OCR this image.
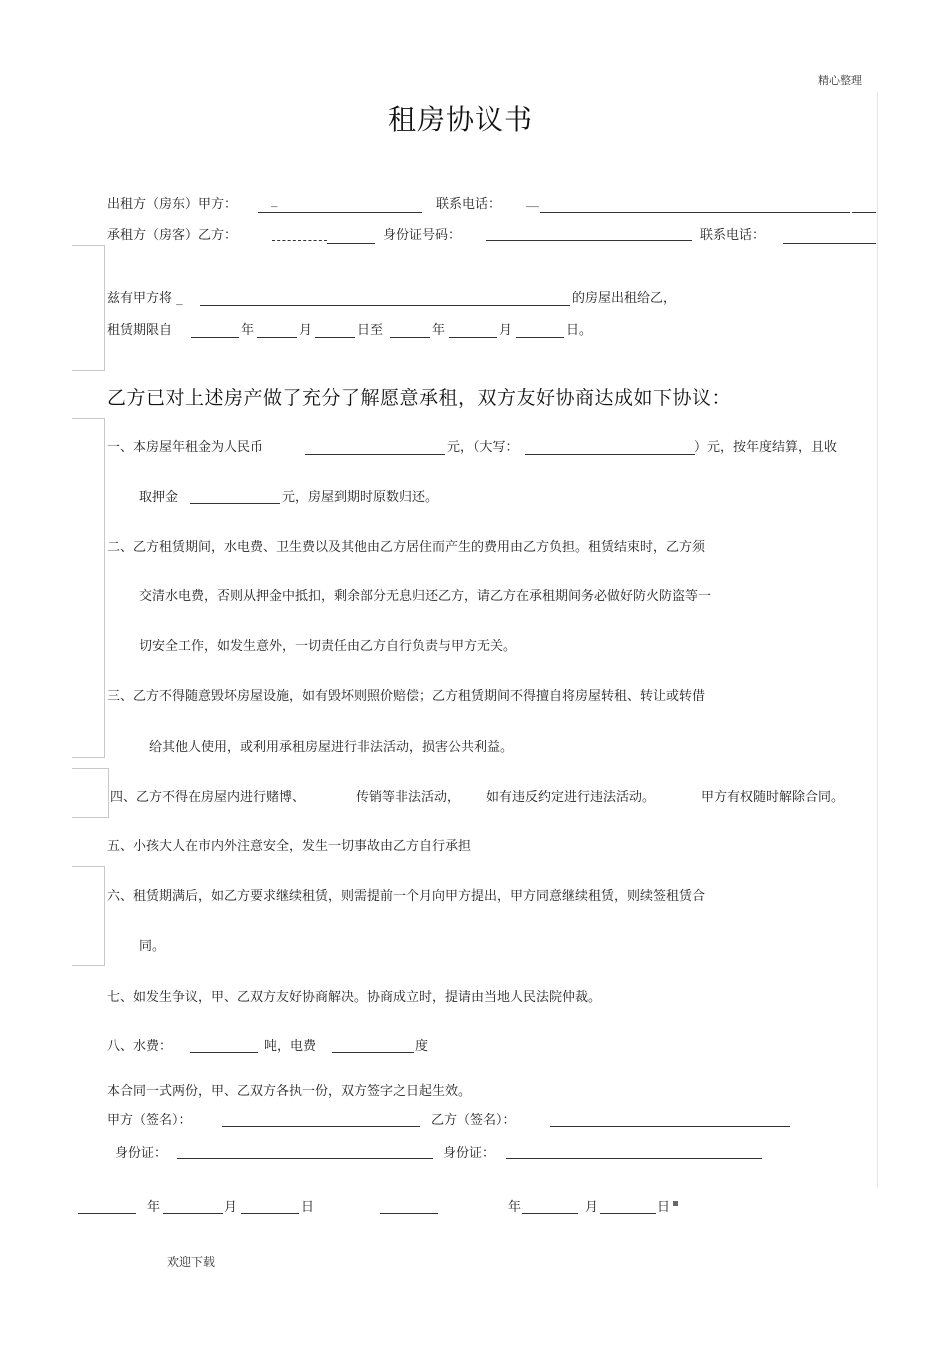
精心整理
租房协议书
出租方（房东）甲方：	_	联系电话： __
承租方（房客）乙方：	身份证号码：	联系电话：
兹有甲方将 _	的房屋出租给乙，
租赁期限自	年	月	日至	年	月	日。
乙方已对上述房产做了充分了解愿意承租，双方友好协商达成如下协议：
一、本房屋年租金为人民币	元，（大写：	）元，按年度结算，且收
取押金	元，房屋到期时原数归还。
二、乙方租赁期间，水电费、卫生费以及其他由乙方居住而产生的费用由乙方负担。租赁结束时，乙方须
交清水电费，否则从押金中抵扣，剩余部分无息归还乙方，请乙方在承租期间务必做好防火防盗等一
切安全工作，如发生意外，一切责任由乙方自行负责与甲方无关。
三、乙方不得随意毁坏房屋设施，如有毁坏则照价赔偿；乙方租赁期间不得擅自将房屋转租、转让或转借
给其他人使用，或利用承租房屋进行非法活动，损害公共利益。
四、乙方不得在房屋内进行赌博、	传销等非法活动， 如有违反约定进行违法活动。	甲方有权随时解除合同。
五、小孩大人在市内外注意安全，发生一切事故由乙方自行承担
六、租赁期满后，如乙方要求继续租赁，则需提前一个月向甲方提出，甲方同意继续租赁，则续签租赁合
同。
七、如发生争议，甲、乙双方友好协商解决。协商成立时，提请由当地人民法院仲裁。
八、水费：	吨，电费	度
本合同一式两份，甲、乙双方各执一份，双方签字之日起生效。
甲方（签名）：	乙方（签名）：
身份证：	身份证：
年	月	日	年	月	日
欢迎下载
